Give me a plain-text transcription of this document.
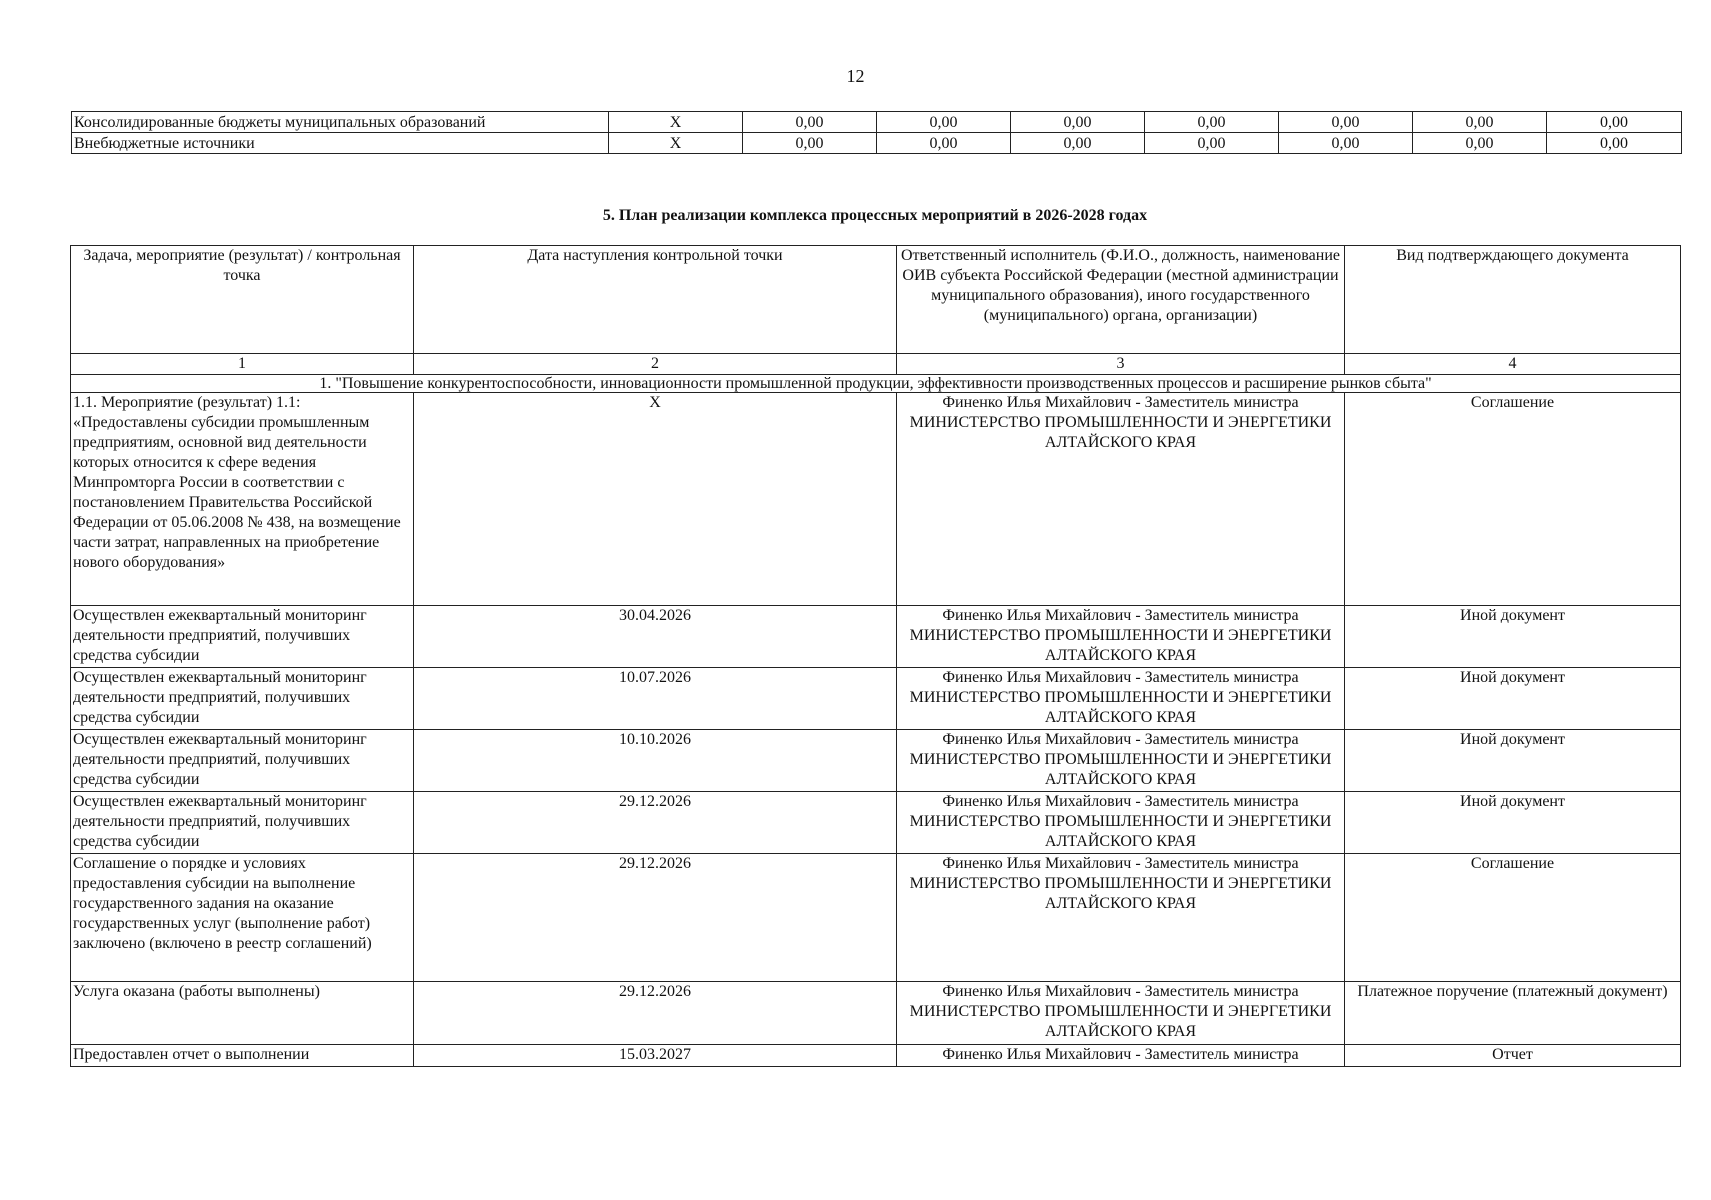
12
Консолидированные бюджеты муниципальных образований	X	0,00	0,00	0,00	0,00	0,00	0,00	0,00
Внебюджетные источники	X	0,00	0,00	0,00	0,00	0,00	0,00	0,00
5. План реализации комплекса процессных мероприятий в 2026-2028 годах
Задача, мероприятие (результат) / контрольная точка	Дата наступления контрольной точки	Ответственный исполнитель (Ф.И.О., должность, наименование ОИВ субъекта Российской Федерации (местной администрации муниципального образования), иного государственного (муниципального) органа, организации)	Вид подтверждающего документа
1	2	3	4
1. "Повышение конкурентоспособности, инновационности промышленной продукции, эффективности производственных процессов и расширение рынков сбыта"			
1.1. Мероприятие (результат) 1.1: «Предоставлены субсидии промышленным предприятиям, основной вид деятельности которых относится к сфере ведения Минпромторга России в соответствии с постановлением Правительства Российской Федерации от 05.06.2008 № 438, на возмещение части затрат, направленных на приобретение нового оборудования»	X	Финенко Илья Михайлович - Заместитель министра
МИНИСТЕРСТВО ПРОМЫШЛЕННОСТИ И ЭНЕРГЕТИКИ АЛТАЙСКОГО КРАЯ	Соглашение
Осуществлен ежеквартальный мониторинг деятельности предприятий, получивших средства субсидии	30.04.2026	Финенко Илья Михайлович - Заместитель министра
МИНИСТЕРСТВО ПРОМЫШЛЕННОСТИ И ЭНЕРГЕТИКИ АЛТАЙСКОГО КРАЯ	Иной документ
Осуществлен ежеквартальный мониторинг деятельности предприятий, получивших средства субсидии	10.07.2026	Финенко Илья Михайлович - Заместитель министра
МИНИСТЕРСТВО ПРОМЫШЛЕННОСТИ И ЭНЕРГЕТИКИ АЛТАЙСКОГО КРАЯ	Иной документ
Осуществлен ежеквартальный мониторинг деятельности предприятий, получивших средства субсидии	10.10.2026	Финенко Илья Михайлович - Заместитель министра
МИНИСТЕРСТВО ПРОМЫШЛЕННОСТИ И ЭНЕРГЕТИКИ АЛТАЙСКОГО КРАЯ	Иной документ
Осуществлен ежеквартальный мониторинг деятельности предприятий, получивших средства субсидии	29.12.2026	Финенко Илья Михайлович - Заместитель министра
МИНИСТЕРСТВО ПРОМЫШЛЕННОСТИ И ЭНЕРГЕТИКИ АЛТАЙСКОГО КРАЯ	Иной документ
Соглашение о порядке и условиях предоставления субсидии на выполнение государственного задания на оказание государственных услуг (выполнение работ) заключено (включено в реестр соглашений)	29.12.2026	Финенко Илья Михайлович - Заместитель министра
МИНИСТЕРСТВО ПРОМЫШЛЕННОСТИ И ЭНЕРГЕТИКИ АЛТАЙСКОГО КРАЯ	Соглашение
Услуга оказана (работы выполнены)	29.12.2026	Финенко Илья Михайлович - Заместитель министра
МИНИСТЕРСТВО ПРОМЫШЛЕННОСТИ И ЭНЕРГЕТИКИ АЛТАЙСКОГО КРАЯ	Платежное поручение (платежный документ)
Предоставлен отчет о выполнении	15.03.2027	Финенко Илья Михайлович - Заместитель министра	Отчет
